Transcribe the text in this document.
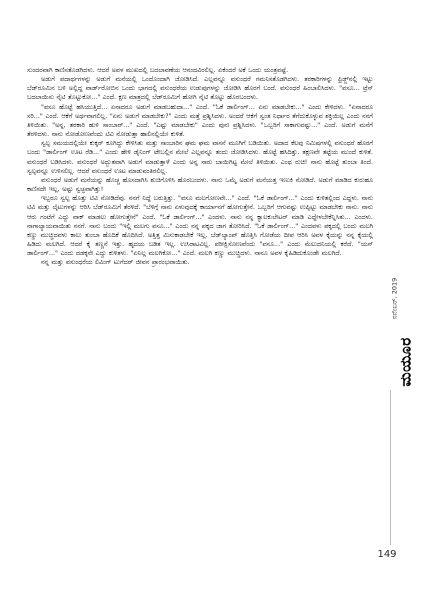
ಸುಂದರವಾಗಿ ಕಾಣಿಸತೊಡಗಿದಳು. ಆದರೆ ಅವಳ ಮುಖದಲ್ಲಿ ಬದಲಾವಣೆಯ ಆನಂದವಿರಲಿಲ್ಲ. ಏಕೆಂದರೆ ಅಕೆ ಒಂದು ಯಂತ್ರವಷ್ಟೆ.

ಅಡುಗೆ ಪದಾರ್ಥಗಳನ್ನು ಅಡುಗೆ ಮನೆಯಲ್ಲಿ ಒಂದೊಂದಾಗಿ ಜೋಡಿಸಿದೆ. ಎಲ್ಲವನ್ನೂ ವಸುಂಧರೆ ಗಮನಿಸತೊಡಗಿದಳು. ತರಕಾರಿಗಳನ್ನು ಫ್ರಿಡ್ಜ್‌ನಲ್ಲಿ ಇಟ್ಟು ಬೆಡ್‌ರೂಮಿನ ಬಳಿ ಅಲ್ಲಿದ್ದ ವಾರ್ಡ್‌ರೋಬಿನ ಒಂದು ಭಾಗದಲ್ಲಿ ವಸುಂಧರೆಯ ಉಡುಪುಗಳನ್ನು ಜೋಡಿಸಿ ಹೊರಗೆ ಬಂದೆ. ವಸುಂಧರೆ ಹಿಂಬಾಲಿಸಿದಳು. "ವಸೂ... ಟ್ರೆಸ್ ಬದಲಾಯಿಸು ನೈಟಿ ತೊಟ್ಟುಕೋ..." ಎಂದೆ. ಕ್ಷಣ ಮಾತ್ರದಲ್ಲಿ ಬೆಡ್‌ರೂಮಿಗೆ ಹೋಗಿ ನೈಟಿ ತೊಟ್ಟು ಹೊರಬಂದಳು.

"ವಸೂ ಹೊಟ್ಟೆ ಹಸಿಯುತ್ತಿದೆ... ಏನಾದರೂ ಅಡುಗೆ ಮಾಡಬಹುದಾ..." ಎಂದೆ. "ಓಕೆ ಡಾರ್ಲಿಂಗ್... ಏನು ಮಾಡಬೇಕು..." ಎಂದು ಕೇಳಿದಳು. "ಏನಾದರೂ ಸರಿ..." ಎಂದೆ. ಆಕೆಗೆ ಅರ್ಥವಾಗಲಿಲ್ಲ. "ಏನು ಅಡುಗೆ ಮಾಡಬೇಕು?" ಎಂದು ಮತ್ತೆ ಪ್ರಶ್ನಿಸಿದಳು. ಅಂದರೆ ಆಕೆಗೆ ಸ್ವಂತ ನಿರ್ಧಾರ ತೆಗೆದುಕೊಳ್ಳುವ ಶಕ್ತಿಯಿಲ್ಲ ಎಂದು ನನಗೆ ತಿಳಿಯಿತು. "ಅನ್ನ, ತರಕಾರಿ ಹುಳಿ ಸಾಂಬಾರ್..." ಎಂದೆ. "ಎಷ್ಟು ಮಾಡಬೇಕು" ಎಂದು ಪುನಃ ಪ್ರಶ್ನಿಸಿದಳು. "ಒಬ್ಬರಿಗೆ ಸಾಕಾಗುವಷ್ಟು..." ಎಂದೆ. ಅಡುಗೆ ಮನೆಗೆ ತೆರಳಿದಳು. ನಾನು ನೋಡೋಣವೆಂದು ಟಿವಿ ನೋಡುತ್ತಾ ಹಾಲಿನಲ್ಲಿಯೇ ಕುಳಿತೆ.

ಸ್ವಲ್ಪ ಸಮಯದಲ್ಲಿಯೇ ಕುಕ್ಕರ್ ಕೂಗಿದ್ದು ಕೇಳಿಸಿತು ಮತ್ತು ಸಾಂಬಾರಿನ ಘಮ ಘಮ ವಾಸನೆ ಮೂಗಿಗೆ ಬಡಿಯಿತು. ಅದಾದ ಕೆಲವು ನಿಮಿಷಗಳಲ್ಲಿ ವಸುಂಧರೆ ಹೊರಗೆ ಬಂದು "ಡಾರ್ಲಿಂಗ್ ಊಟ ರೆಡಿ..." ಎಂದು ಹೇಳಿ ಡೈನಿಂಗ್ ಟೇಬಲ್ಲಿನ ಮೇಲೆ ಎಲ್ಲವನ್ನೂ ತಂದು ಜೋಡಿಸಿದಳು. ಹೊಟ್ಟೆ ಹಸಿದಿತ್ತು. ತಕ್ಷಣವೇ ತಟ್ಟೆಯ ಮುಂದೆ ಕುಳಿತೆ. ವಸುಂಧರೆ ಬಡಿಸಿದಳು. ವಸುಂಧರೆ ಅದ್ಭುತವಾಗಿ ಅಡುಗೆ ಮಾಡುತ್ತಾಳೆ ಎಂದು ಅನ್ನ ಸಾರು ಬಾಯಿಗಿಟ್ಟ ಮೇಲೆ ತಿಳಿಯಿತು. ಎಂಥ ರುಚಿ! ನಾನು ಹೊಟ್ಟೆ ತುಂಬಾ ತಿಂದೆ. ಸ್ವಲ್ಪವನ್ನೂ ಉಳಿಸಲಿಲ್ಲ. ಆದರೆ ವಸುಂಧರೆ ಊಟ ಮಾಡುವಂತಿರಲಿಲ್ಲ.

ವಸುಂಧರೆ ಅಡುಗೆ ಮನೆಯನ್ನು ಹೊಚ್ಚ ಹೊಸದಾಗಿಸಿ ಶುಚಿಗೊಳಿಸಿ ಹೊರಬಂದಳು. ನಾನು ಒಮ್ಮೆ ಅಡುಗೆ ಮನೆಯತ್ತ ಇಣುಕಿ ನೋಡಿದೆ. ಅಡುಗೆ ಮಾಡಿದ ಕುರುಹೂ ಕಾಣಿಸದೇ ಇಲ್ಲ, ಅಷ್ಟು ಸ್ವಚ್ಛವಾಗಿತ್ತು!

ಇಬ್ಬರೂ ಸ್ವಲ್ಪ ಹೊತ್ತು ಟಿವಿ ನೋಡಿದೆವು. ನನಗೆ ನಿದ್ದೆ ಬರುತ್ತಿತ್ತು. "ವಸೂ ಮಲಗೋಣವೇ..." ಎಂದೆ. "ಓಕೆ ಡಾರ್ಲಿಂಗ್..." ಎಂದು ಕುಳಿತಲ್ಲಿಂದ ಎದ್ದಳು. ನಾನು ಟಿವಿ ಮತ್ತು ಲೈಟುಗಳನ್ನು ಆರಿಸಿ ಬೆಡ್‌ರೂಮಿಗೆ ತೆರಳಿದೆ. "ಬೆಳಿಗ್ಗೆ ನಾನು ಏಳುವುದಕ್ಕೆ ಕಾರ್ಯಾನಗೆ ಹೋಗುತ್ತೇನೆ. ಒಬ್ಬರಿಗೆ ಆಗುವಷ್ಟು ಉಪ್ಪಿಟ್ಟು ಮಾಡಬೇಕು ನಾನು. ನಾನು ಆರು ಗಂಟೆಗೆ ಎದ್ದು ವಾಕ್ ಮಾಡಲು ಹೋಗುತ್ತೇನೆ" ಎಂದೆ. "ಓಕೆ ಡಾರ್ಲಿಂಗ್..." ಎಂದಳು. ನಾನು ನನ್ನ ಕ್ಯಾಲಕುಲೇಟರ್ ಮಾಡಿ ಎದ್ದೇಳಬೇಕೆನ್ನಿಸಿತು... ಎಂದಳು. ನಾಗಾಲ್ಯಾಯವಾಯಿತು ನನಗೆ. ನಾನು ಬಂದು "ಇಲ್ಲಿ ಮಲಗು ವಸೂ..." ಎಂದು ನನ್ನ ಪಕ್ಕದ ಜಾಗ ತೋರಿಸಿದೆ. "ಓಕೆ ಡಾರ್ಲಿಂಗ್..." ಎಂದವಳು ಪಕ್ಕದಲ್ಲಿ ಬಂದು ಮಲಗಿ ಕಣ್ಣು ಮುಚ್ಚಿದವಳು ಕಾಲು ತುಂಬಾ ಹೊದಿಕೆ ಹೊದಿಸಿದೆ. ಅತ್ತಿತ್ತ ಮಿಸುಕಾಡಬೇಕೆ ಇಲ್ಲ. ಬೆಡ್‌ಲ್ಯಾಂಪ್ ಹೊತ್ತಿಸಿ ಗೋಡೆಯ ದೀಪ ಆರಿಸಿ ಅವಳ ಕೈಯನ್ನು ನನ್ನ ಕೈಯಲ್ಲಿ ಹಿಡಿದು ಮಲಗಿದೆ. ಆದರೆ ಕೈ ತಣ್ಣನೆ ಇತ್ತು. ಹೃದಯ ಬಡಿತ ಇಲ್ಲ. ಉಸಿರಾಟವಿಲ್ಲ. ಪರೀಕ್ಷಿಸೋಣವೆಂದು "ವಸೂ..." ಎಂದು ಮೆಲುದನಿಯಲ್ಲಿ ಕರೆದೆ. "ಯಸ್ ಡಾರ್ಲಿಂಗ್..." ಎಂದು ದಡಕ್ಕನೇ ಎದ್ದು ಕುಳಿತಳು. "ಏನಿಲ್ಲ ಮಲಗಿಕೋ..." ಎಂದೆ. ಮಲಗಿ ಕಣ್ಣು ಮುಚ್ಚಿದಳು. ನಾನೂ ಅವಳ ಕೈಹಿಡಿದುಕೊಂಡೇ ಮಲಗಿದೆ.

ನನ್ನ ಮತ್ತು ವಸುಂಧರೆಯ ಲಿವಿಂಗ್ ಟುಗೆದರ್ ಜೀವನ ಪ್ರಾರಂಭವಾಯಿತು.

ನವೆಂಬರ್, 2019
ಮಯೂರ
149
